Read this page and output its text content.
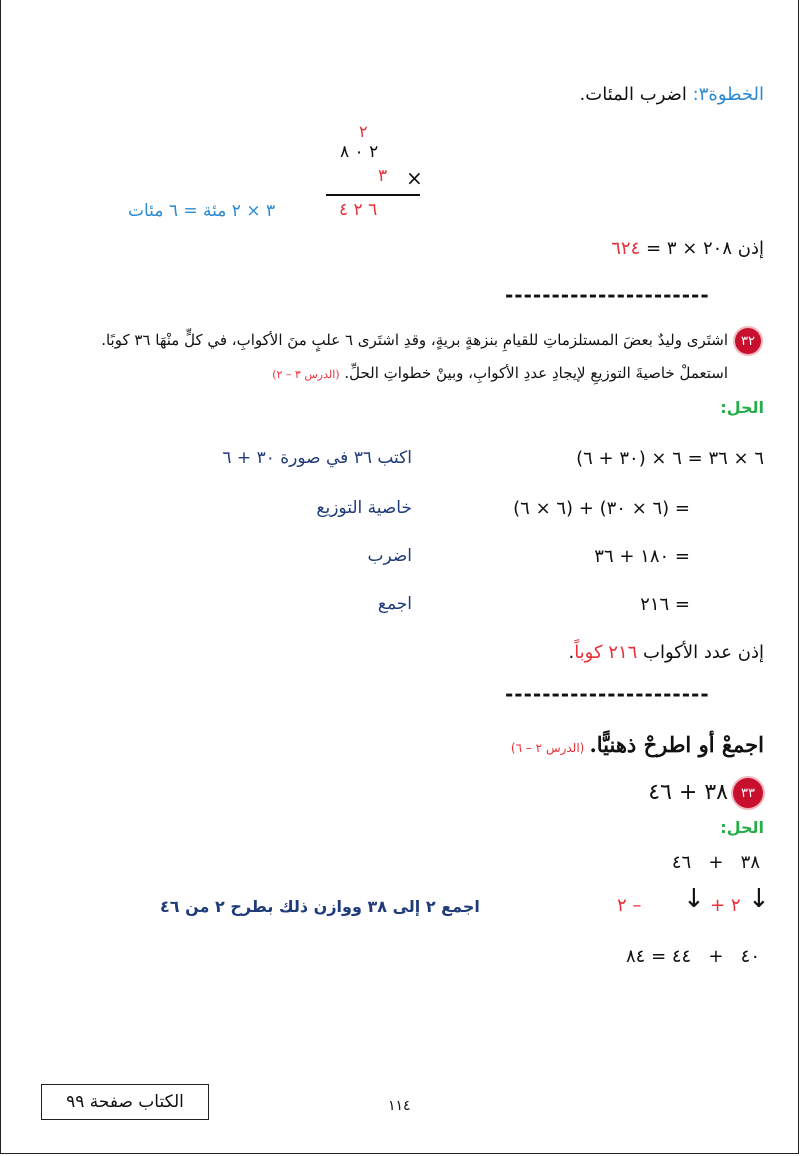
الخطوة٣: اضرب المئات.
٢
٢ ٠ ٨
٣ ×
٦ ٢ ٤
٣ × ٢ مئة = ٦ مئات
إذن ٢٠٨ × ٣ = ٦٢٤
----------------------
٣٢
اشتَرى وليدٌ بعضَ المستلزماتِ للقيامِ بنزهةٍ بريةٍ، وقدِ اشتَرى ٦ علبٍ منَ الأكوابِ، في كلٍّ منْهَا ٣٦ كوبًا.
استعملْ خاصيةَ التوزيعِ لإيجادِ عددِ الأكوابِ، وبينْ خطواتِ الحلِّ. (الدرس ٣ – ٢)
الحل:
٦ × ٣٦ = ٦ × (٣٠ + ٦)
اكتب ٣٦ في صورة ٣٠ + ٦
= (٦ × ٣٠) + (٦ × ٦)
خاصية التوزيع
= ١٨٠ + ٣٦
اضرب
= ٢١٦
اجمع
إذن عدد الأكواب ٢١٦ كوباً.
----------------------
اجمعْ أو اطرحْ ذهنيًّا. (الدرس ٢ – ٦)
٣٣
٣٨ + ٤٦
الحل:
٣٨   +   ٤٦
↓
٢ +
↓
– ٢
اجمع ٢ إلى ٣٨ ووازن ذلك بطرح ٢ من ٤٦
٤٠   +   ٤٤ = ٨٤
الكتاب صفحة ٩٩	١١٤
